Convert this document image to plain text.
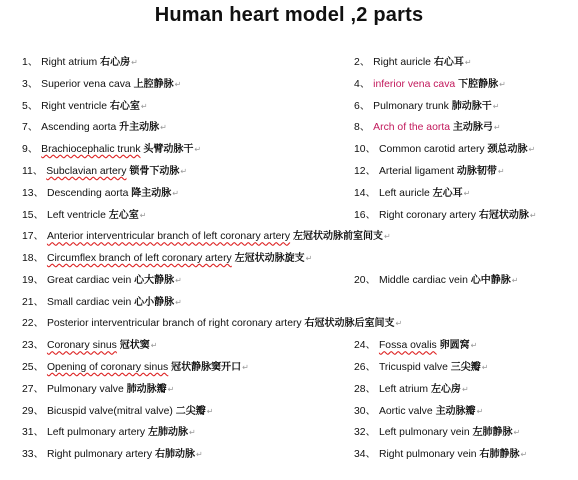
Human heart model ,2 parts
1、 Right atrium 右心房↵	2、 Right auricle 右心耳↵
3、 Superior vena cava 上腔静脉↵	4、 inferior vena cava 下腔静脉↵
5、 Right ventricle 右心室↵	6、 Pulmonary trunk 肺动脉干↵
7、 Ascending aorta 升主动脉↵	8、 Arch of the aorta 主动脉弓↵
9、 Brachiocephalic trunk 头臂动脉干↵	10、 Common carotid artery 颈总动脉↵
11、 Subclavian artery 锁骨下动脉↵	12、 Arterial ligament 动脉韧带↵
13、 Descending aorta 降主动脉↵	14、 Left auricle 左心耳↵
15、 Left ventricle 左心室↵	16、 Right coronary artery 右冠状动脉↵
17、 Anterior interventricular branch of left coronary artery 左冠状动脉前室间支↵
18、 Circumflex branch of left coronary artery 左冠状动脉旋支↵
19、 Great cardiac vein 心大静脉↵	20、 Middle cardiac vein 心中静脉↵
21、 Small cardiac vein 心小静脉↵
22、 Posterior interventricular branch of right coronary artery 右冠状动脉后室间支↵
23、 Coronary sinus 冠状窦↵	24、 Fossa ovalis 卵圆窝↵
25、 Opening of coronary sinus 冠状静脉窦开口↵	26、 Tricuspid valve 三尖瓣↵
27、 Pulmonary valve 肺动脉瓣↵	28、 Left atrium 左心房↵
29、 Bicuspid valve(mitral valve) 二尖瓣↵	30、 Aortic valve 主动脉瓣↵
31、 Left pulmonary artery 左肺动脉↵	32、 Left pulmonary vein 左肺静脉↵
33、 Right pulmonary artery 右肺动脉↵	34、 Right pulmonary vein 右肺静脉↵
